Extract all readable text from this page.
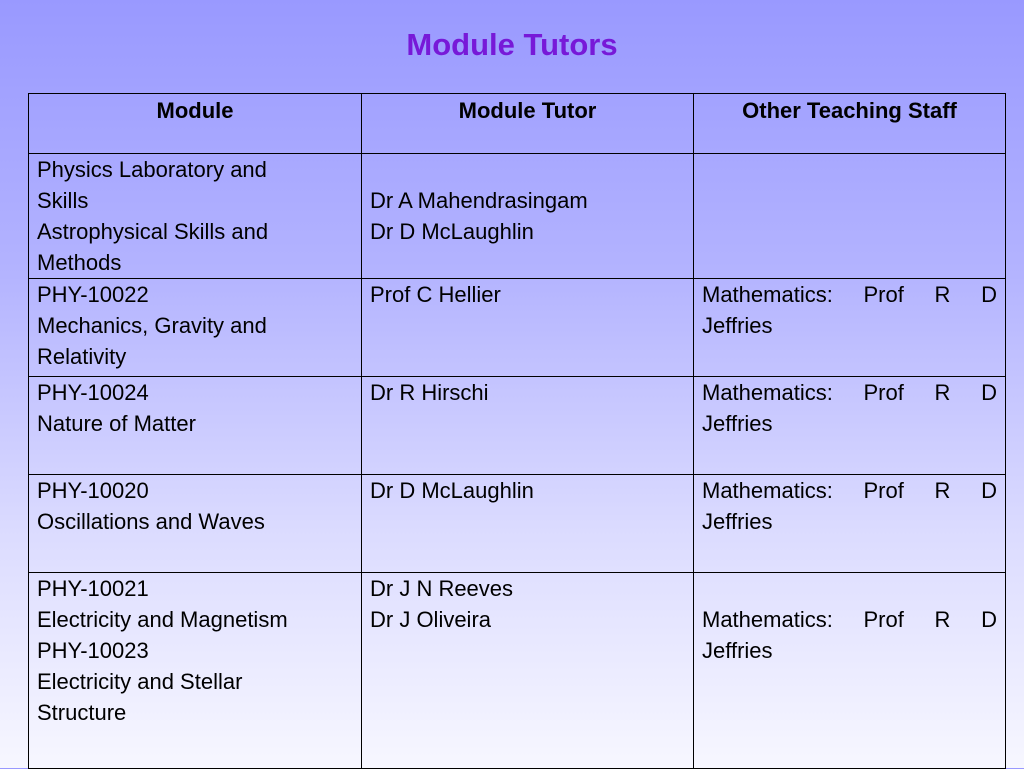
Module Tutors
Module	Module Tutor	Other Teaching Staff

Physics Laboratory and
Skills
Astrophysical Skills and
Methods	Dr A Mahendrasingam
Dr D McLaughlin	

PHY-10022
Mechanics, Gravity and
Relativity	Prof C Hellier	Mathematics: Prof R D
Jeffries

PHY-10024
Nature of Matter	Dr R Hirschi	Mathematics: Prof R D
Jeffries

PHY-10020
Oscillations and Waves	Dr D McLaughlin	Mathematics: Prof R D
Jeffries

PHY-10021
Electricity and Magnetism
PHY-10023
Electricity and Stellar
Structure	Dr J N Reeves
Dr J Oliveira	Mathematics: Prof R D
Jeffries
